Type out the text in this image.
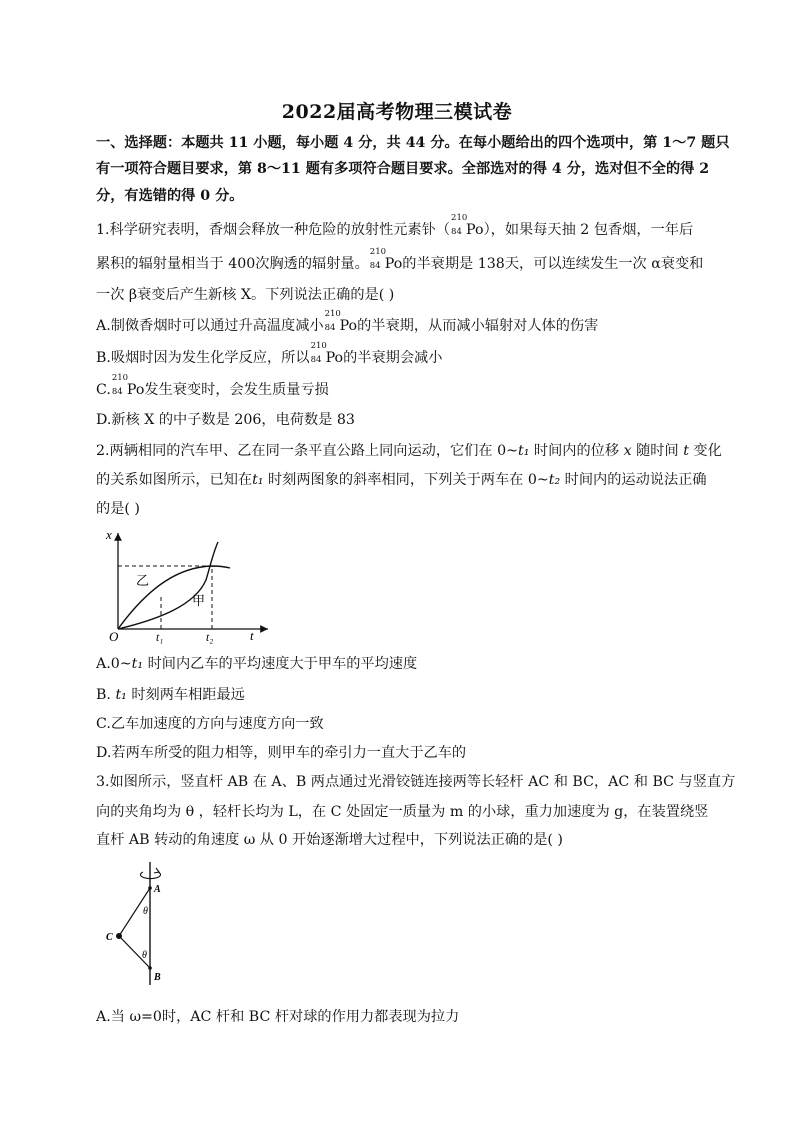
2022届高考物理三模试卷
一、选择题：本题共 11 小题，每小题 4 分，共 44 分。在每小题给出的四个选项中，第 1～7 题只
有一项符合题目要求，第 8～11 题有多项符合题目要求。全部选对的得 4 分，选对但不全的得 2
分，有选错的得 0 分。
1.科学研究表明，香烟会释放一种危险的放射性元素钋（
210
84 Po），如果每天抽 2 包香烟，一年后
累积的辐射量相当于 400次胸透的辐射量。
210
84 Po的半衰期是 138天，可以连续发生一次 α衰变和
一次 β衰变后产生新核 X。下列说法正确的是( )
A.制傚香烟时可以通过升高温度减小
210
84 Po的半衰期，从而减小辐射对人体的伤害
B.吸烟时因为发生化学反应，所以
210
84 Po的半衰期会减小
C.
210
84 Po发生衰变时，会发生质量亏损
D.新核 X 的中子数是 206，电荷数是 83
2.两辆相同的汽车甲、乙在同一条平直公路上同向运动，它们在 0~t₁ 时间内的位移 x 随时间 t 变化
的关系如图所示，已知在t₁ 时刻两图象的斜率相同，下列关于两车在 0~t₂ 时间内的运动说法正确
的是( )
x
t
O	t₁	t₂
乙
甲
A.0~t₁ 时间内乙车的平均速度大于甲车的平均速度
B. t₁ 时刻两车相距最远
C.乙车加速度的方向与速度方向一致
D.若两车所受的阻力相等，则甲车的牵引力一直大于乙车的
3.如图所示，竖直杆 AB 在 A、B 两点通过光滑铰链连接两等长轻杆 AC 和 BC，AC 和 BC 与竖直方
向的夹角均为 θ ，轻杆长均为 L，在 C 处固定一质量为 m 的小球，重力加速度为 g，在装置绕竖
直杆 AB 转动的角速度 ω 从 0 开始逐渐增大过程中，下列说法正确的是( )
A
B
C
θ
θ
A.当 ω=0时，AC 杆和 BC 杆对球的作用力都表现为拉力
